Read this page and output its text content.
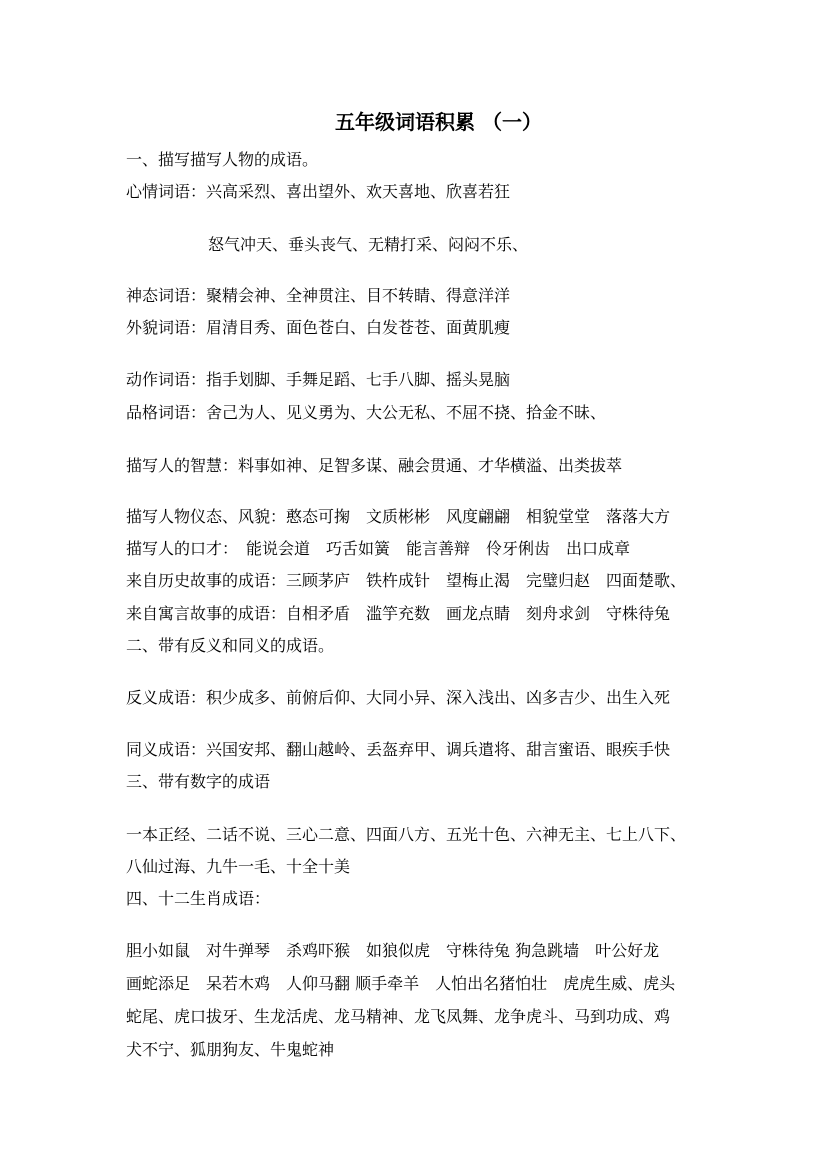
五年级词语积累 （一）
一、描写描写人物的成语。
心情词语：兴高采烈、喜出望外、欢天喜地、欣喜若狂
怒气冲天、垂头丧气、无精打采、闷闷不乐、
神态词语：聚精会神、全神贯注、目不转睛、得意洋洋
外貌词语：眉清目秀、面色苍白、白发苍苍、面黄肌瘦
动作词语：指手划脚、手舞足蹈、七手八脚、摇头晃脑
品格词语：舍己为人、见义勇为、大公无私、不屈不挠、拾金不昧、
描写人的智慧：料事如神、足智多谋、融会贯通、才华横溢、出类拔萃
描写人物仪态、风貌：憨态可掬　文质彬彬　风度翩翩　相貌堂堂　落落大方
描写人的口才：　能说会道　巧舌如簧　能言善辩　伶牙俐齿　出口成章
来自历史故事的成语：三顾茅庐　铁杵成针　望梅止渴　完璧归赵　四面楚歌、
来自寓言故事的成语：自相矛盾　滥竽充数　画龙点睛　刻舟求剑　守株待兔
二、带有反义和同义的成语。
反义成语：积少成多、前俯后仰、大同小异、深入浅出、凶多吉少、出生入死
同义成语：兴国安邦、翻山越岭、丢盔弃甲、调兵遣将、甜言蜜语、眼疾手快
三、带有数字的成语
一本正经、二话不说、三心二意、四面八方、五光十色、六神无主、七上八下、
八仙过海、九牛一毛、十全十美
四、十二生肖成语：
胆小如鼠　对牛弹琴　杀鸡吓猴　如狼似虎　守株待兔 狗急跳墙　叶公好龙
画蛇添足　呆若木鸡　人仰马翻 顺手牵羊　人怕出名猪怕壮　虎虎生威、虎头
蛇尾、虎口拔牙、生龙活虎、龙马精神、龙飞凤舞、龙争虎斗、马到功成、鸡
犬不宁、狐朋狗友、牛鬼蛇神
